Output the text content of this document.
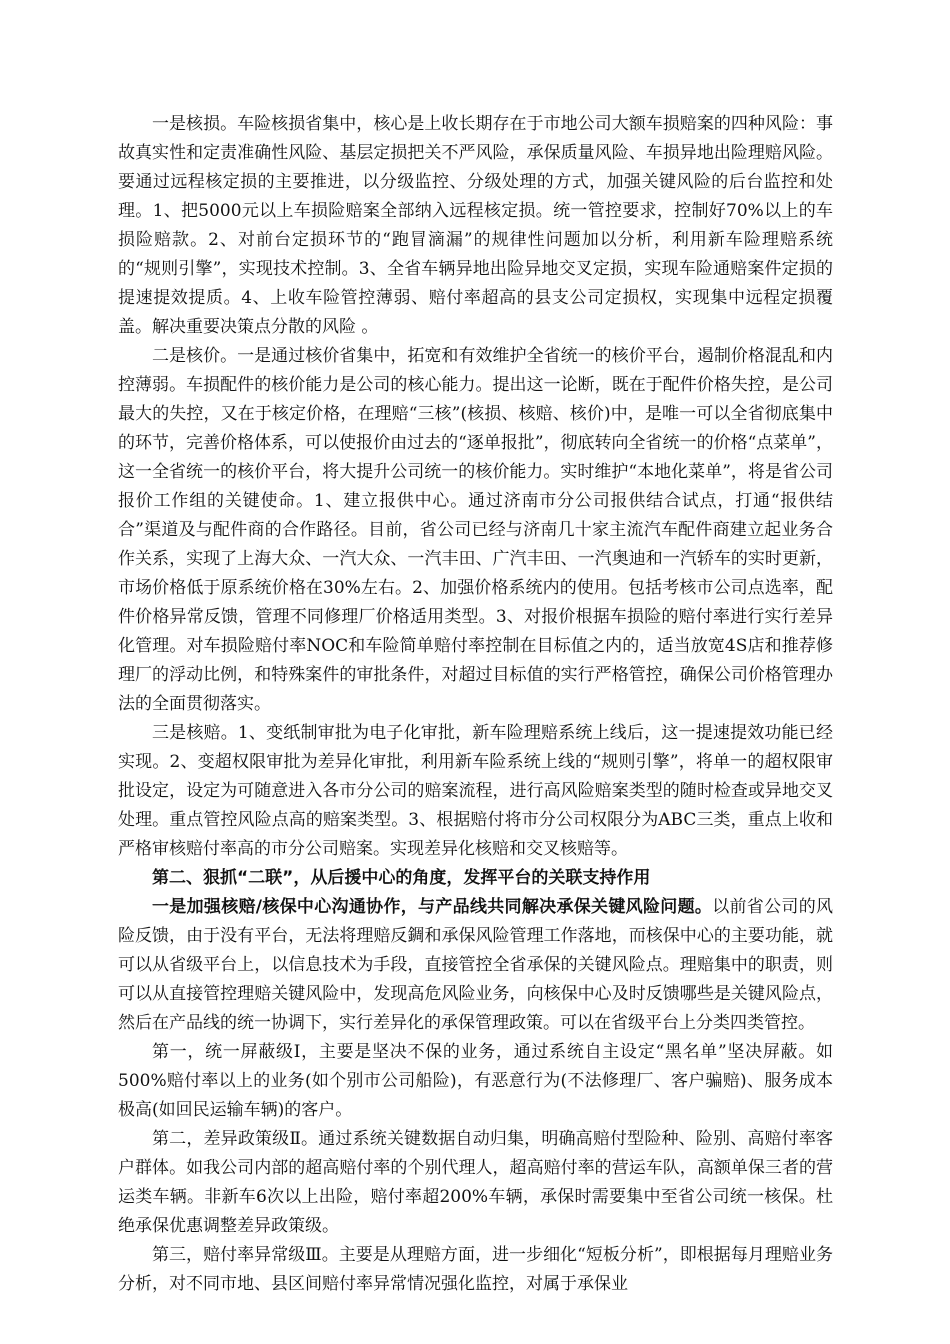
一是核损。车险核损省集中，核心是上收长期存在于市地公司大额车损赔案的四种风险：事故真实性和定责准确性风险、基层定损把关不严风险，承保质量风险、车损异地出险理赔风险。要通过远程核定损的主要推进，以分级监控、分级处理的方式，加强关键风险的后台监控和处理。1、把5000元以上车损险赔案全部纳入远程核定损。统一管控要求，控制好70%以上的车损险赔款。2、对前台定损环节的“跑冒滴漏”的规律性问题加以分析，利用新车险理赔系统的“规则引擎”，实现技术控制。3、全省车辆异地出险异地交叉定损，实现车险通赔案件定损的提速提效提质。4、上收车险管控薄弱、赔付率超高的县支公司定损权，实现集中远程定损覆盖。解决重要决策点分散的风险 。

二是核价。一是通过核价省集中，拓宽和有效维护全省统一的核价平台，遏制价格混乱和内控薄弱。车损配件的核价能力是公司的核心能力。提出这一论断，既在于配件价格失控，是公司最大的失控，又在于核定价格，在理赔“三核”(核损、核赔、核价)中，是唯一可以全省彻底集中的环节，完善价格体系，可以使报价由过去的“逐单报批”，彻底转向全省统一的价格“点菜单”，这一全省统一的核价平台，将大提升公司统一的核价能力。实时维护“本地化菜单”，将是省公司报价工作组的关键使命。1、建立报供中心。通过济南市分公司报供结合试点，打通“报供结合”渠道及与配件商的合作路径。目前，省公司已经与济南几十家主流汽车配件商建立起业务合作关系，实现了上海大众、一汽大众、一汽丰田、广汽丰田、一汽奥迪和一汽轿车的实时更新，市场价格低于原系统价格在30%左右。2、加强价格系统内的使用。包括考核市公司点选率，配件价格异常反馈，管理不同修理厂价格适用类型。3、对报价根据车损险的赔付率进行实行差异化管理。对车损险赔付率NOC和车险简单赔付率控制在目标值之内的，适当放宽4S店和推荐修理厂的浮动比例，和特殊案件的审批条件，对超过目标值的实行严格管控，确保公司价格管理办法的全面贯彻落实。

三是核赔。1、变纸制审批为电子化审批，新车险理赔系统上线后，这一提速提效功能已经实现。2、变超权限审批为差异化审批，利用新车险系统上线的“规则引擎”，将单一的超权限审批设定，设定为可随意进入各市分公司的赔案流程，进行高风险赔案类型的随时检查或异地交叉处理。重点管控风险点高的赔案类型。3、根据赔付将市分公司权限分为ABC三类，重点上收和严格审核赔付率高的市分公司赔案。实现差异化核赔和交叉核赔等。

第二、狠抓“二联”，从后援中心的角度，发挥平台的关联支持作用

一是加强核赔/核保中心沟通协作，与产品线共同解决承保关键风险问题。以前省公司的风险反馈，由于没有平台，无法将理赔反錭和承保风险管理工作落地，而核保中心的主要功能，就可以从省级平台上，以信息技术为手段，直接管控全省承保的关键风险点。理赔集中的职责，则可以从直接管控理赔关键风险中，发现高危风险业务，向核保中心及时反馈哪些是关键风险点，然后在产品线的统一协调下，实行差异化的承保管理政策。可以在省级平台上分类四类管控。

第一，统一屏蔽级Ⅰ，主要是坚决不保的业务，通过系统自主设定“黑名单”坚决屏蔽。如500%赔付率以上的业务(如个别市公司船险)，有恶意行为(不法修理厂、客户骗赔)、服务成本极高(如回民运输车辆)的客户。

第二，差异政策级Ⅱ。通过系统关键数据自动归集，明确高赔付型险种、险别、高赔付率客户群体。如我公司内部的超高赔付率的个别代理人，超高赔付率的营运车队，高额单保三者的营运类车辆。非新车6次以上出险，赔付率超200%车辆，承保时需要集中至省公司统一核保。杜绝承保优惠调整差异政策级。

第三，赔付率异常级Ⅲ。主要是从理赔方面，进一步细化“短板分析”，即根据每月理赔业务分析，对不同市地、县区间赔付率异常情况强化监控，对属于承保业
